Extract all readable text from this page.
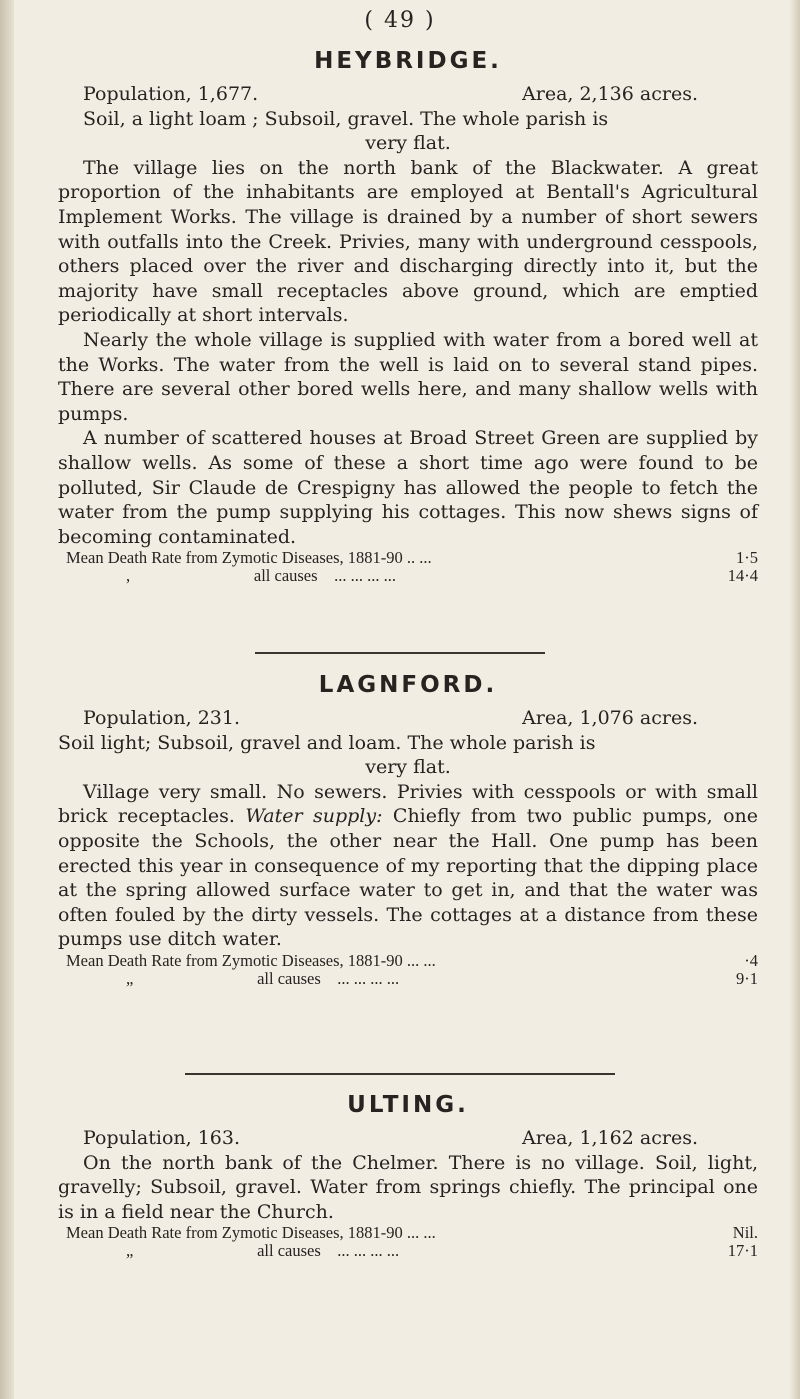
( 49 )
HEYBRIDGE.
Population, 1,677.	Area, 2,136 acres.

Soil, a light loam ; Subsoil, gravel. The whole parish is

very flat.

The village lies on the north bank of the Blackwater. A great proportion of the inhabitants are employed at Bentall's Agricultural Implement Works. The village is drained by a number of short sewers with outfalls into the Creek. Privies, many with underground cesspools, others placed over the river and discharging directly into it, but the majority have small receptacles above ground, which are emptied periodically at short intervals.

Nearly the whole village is supplied with water from a bored well at the Works. The water from the well is laid on to several stand pipes. There are several other bored wells here, and many shallow wells with pumps.

A number of scattered houses at Broad Street Green are supplied by shallow wells. As some of these a short time ago were found to be polluted, Sir Claude de Crespigny has allowed the people to fetch the water from the pump supplying his cottages. This now shews signs of becoming contaminated.

Mean Death Rate from Zymotic Diseases, 1881-90 .. ...	1·5
,	all causes ... ... ... ...	14·4
LAGNFORD.
Population, 231.	Area, 1,076 acres.

Soil light; Subsoil, gravel and loam. The whole parish is

very flat.

Village very small. No sewers. Privies with cesspools or with small brick receptacles. Water supply: Chiefly from two public pumps, one opposite the Schools, the other near the Hall. One pump has been erected this year in consequence of my reporting that the dipping place at the spring allowed surface water to get in, and that the water was often fouled by the dirty vessels. The cottages at a distance from these pumps use ditch water.

Mean Death Rate from Zymotic Diseases, 1881-90 ... ...	·4
„	all causes ... ... ... ...	9·1
ULTING.
Population, 163.	Area, 1,162 acres.

On the north bank of the Chelmer. There is no village. Soil, light, gravelly; Subsoil, gravel. Water from springs chiefly. The principal one is in a field near the Church.

Mean Death Rate from Zymotic Diseases, 1881-90 ... ...	Nil.
„	all causes ... ... ... ...	17·1
